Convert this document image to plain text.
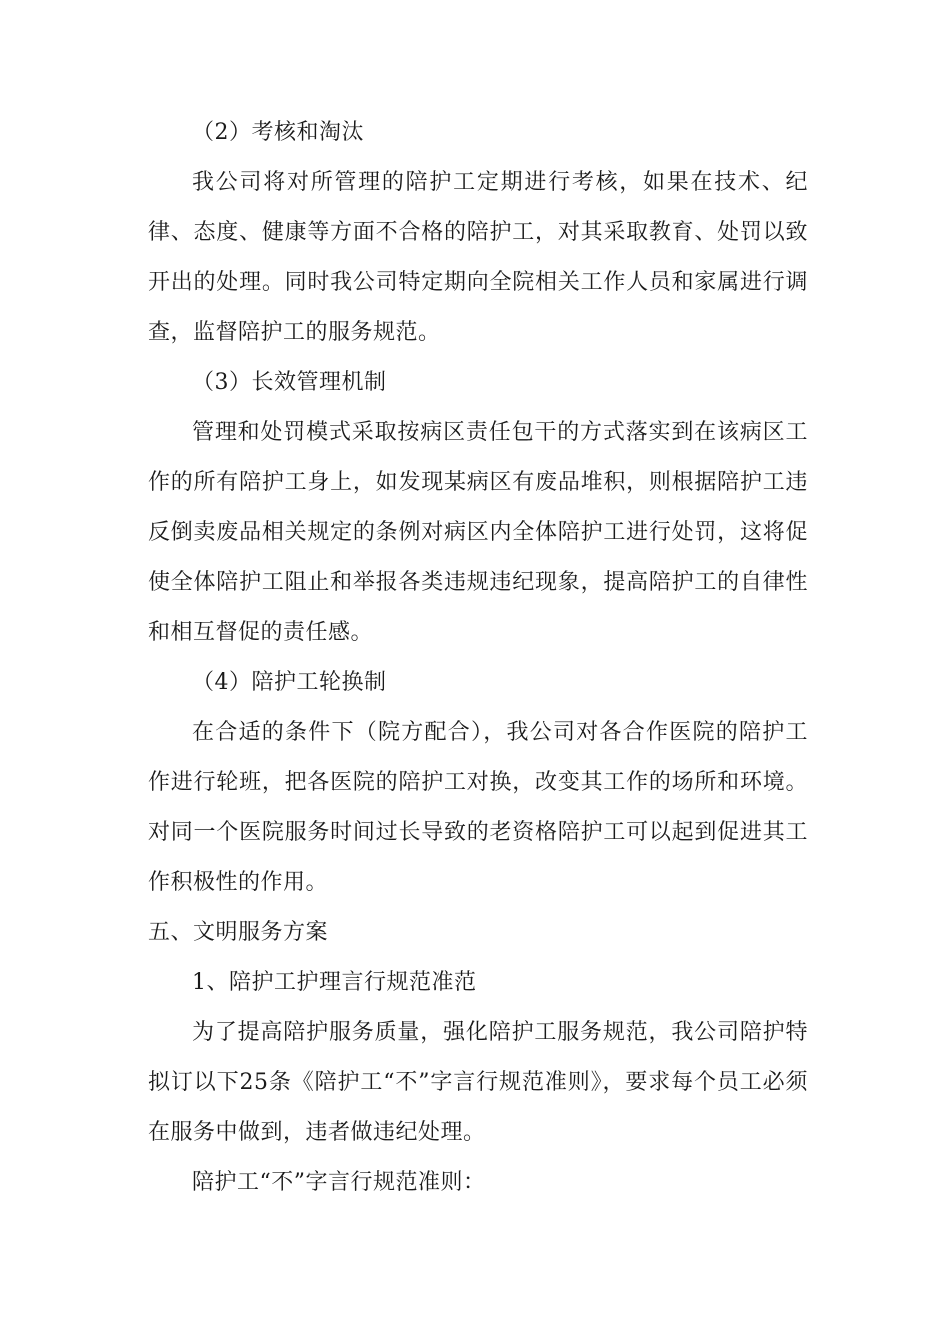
（2）考核和淘汰

我公司将对所管理的陪护工定期进行考核，如果在技术、纪律、态度、健康等方面不合格的陪护工，对其采取教育、处罚以致开出的处理。同时我公司特定期向全院相关工作人员和家属进行调查，监督陪护工的服务规范。

（3）长效管理机制

管理和处罚模式采取按病区责任包干的方式落实到在该病区工作的所有陪护工身上，如发现某病区有废品堆积，则根据陪护工违反倒卖废品相关规定的条例对病区内全体陪护工进行处罚，这将促使全体陪护工阻止和举报各类违规违纪现象，提高陪护工的自律性和相互督促的责任感。

（4）陪护工轮换制

在合适的条件下（院方配合），我公司对各合作医院的陪护工作进行轮班，把各医院的陪护工对换，改变其工作的场所和环境。对同一个医院服务时间过长导致的老资格陪护工可以起到促进其工作积极性的作用。

五、文明服务方案

1、陪护工护理言行规范准范

为了提高陪护服务质量，强化陪护工服务规范，我公司陪护特拟订以下25条《陪护工“不”字言行规范准则》，要求每个员工必须在服务中做到，违者做违纪处理。

陪护工“不”字言行规范准则：
